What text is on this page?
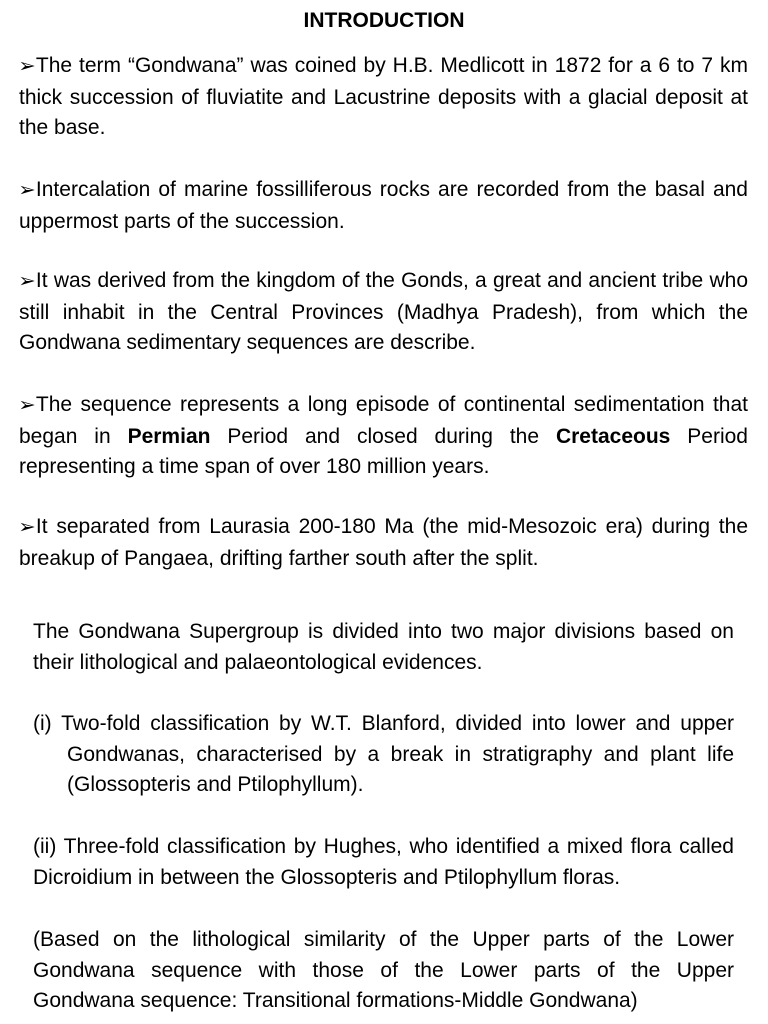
INTRODUCTION

➢The term “Gondwana” was coined by H.B. Medlicott in 1872 for a 6 to 7 km thick succession of fluviatite and Lacustrine deposits with a glacial deposit at the base.

➢Intercalation of marine fossilliferous rocks are recorded from the basal and uppermost parts of the succession.

➢It was derived from the kingdom of the Gonds, a great and ancient tribe who still inhabit in the Central Provinces (Madhya Pradesh), from which the Gondwana sedimentary sequences are describe.

➢The sequence represents a long episode of continental sedimentation that began in Permian Period and closed during the Cretaceous Period representing a time span of over 180 million years.

➢It separated from Laurasia 200-180 Ma (the mid-Mesozoic era) during the breakup of Pangaea, drifting farther south after the split.

The Gondwana Supergroup is divided into two major divisions based on their lithological and palaeontological evidences.

(i) Two-fold classification by W.T. Blanford, divided into lower and upper Gondwanas, characterised by a break in stratigraphy and plant life (Glossopteris and Ptilophyllum).

(ii) Three-fold classification by Hughes, who identified a mixed flora called Dicroidium in between the Glossopteris and Ptilophyllum floras.

(Based on the lithological similarity of the Upper parts of the Lower Gondwana sequence with those of the Lower parts of the Upper Gondwana sequence: Transitional formations-Middle Gondwana)
